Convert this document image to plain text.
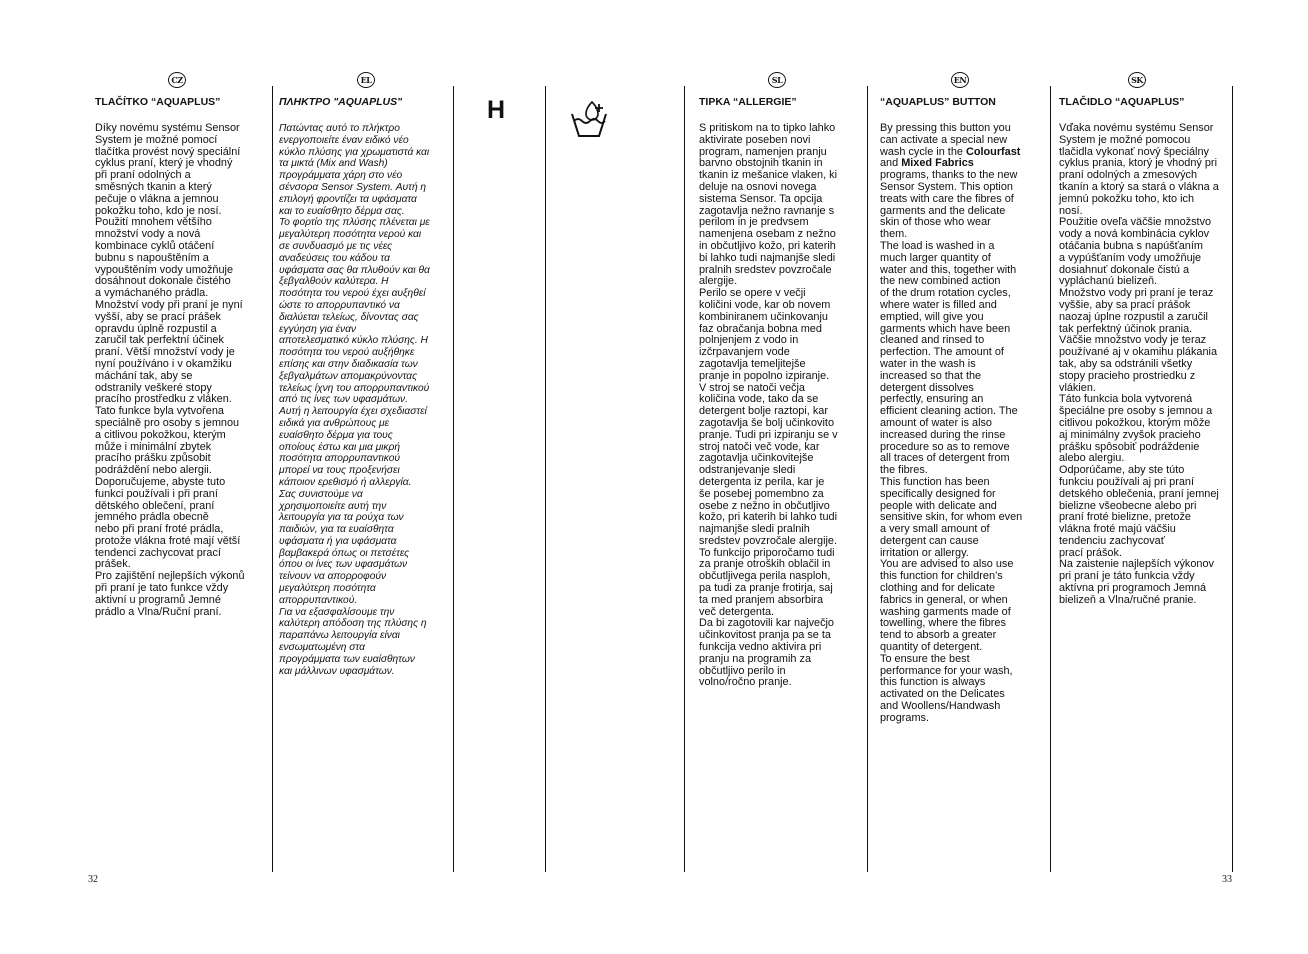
CZ
TLAČÍTKO “AQUAPLUS”

Díky novému systému Sensor
System je možné pomocí
tlačítka provést nový speciální
cyklus praní, který je vhodný
při praní odolných a
směsných tkanin a který
pečuje o vlákna a jemnou
pokožku toho, kdo je nosí.
Použití mnohem většího
množství vody a nová
kombinace cyklů otáčení
bubnu s napouštěním a
vypouštěním vody umožňuje
dosáhnout dokonale čistého
a vymáchaného prádla.
Množství vody při praní je nyní
vyšší, aby se prací prášek
opravdu úplně rozpustil a
zaručil tak perfektní účinek
praní. Větší množství vody je
nyní používáno i v okamžiku
máchání tak, aby se
odstranily veškeré stopy
pracího prostředku z vláken.
Tato funkce byla vytvořena
speciálně pro osoby s jemnou
a citlivou pokožkou, kterým
může i minimální zbytek
pracího prášku způsobit
podráždění nebo alergii.
Doporučujeme, abyste tuto
funkci používali i při praní
dětského oblečení, praní
jemného prádla obecně
nebo při praní froté prádla,
protože vlákna froté mají větší
tendenci zachycovat prací
prášek.
Pro zajištění nejlepších výkonů
při praní je tato funkce vždy
aktivní u programů Jemné
prádlo a Vlna/Ruční praní.

EL
ΠΛΗΚΤΡΟ "AQUAPLUS"

Πατώντας αυτό το πλήκτρο
ενεργοποιείτε έναν ειδικό νέο
κύκλο πλύσης για χρωματιστά και
τα μικτά (Mix and Wash)
προγράμματα χάρη στο νέο
σένσορα Sensor System. Αυτή η
επιλογή φροντίζει τα υφάσματα
και το ευαίσθητο δέρμα σας.
Το φορτίο της πλύσης πλένεται με
μεγαλύτερη ποσότητα νερού και
σε συνδυασμό με τις νέες
αναδεύσεις του κάδου τα
υφάσματα σας θα πλυθούν και θα
ξεβγαλθούν καλύτερα. Η
ποσότητα του νερού έχει αυξηθεί
ώστε το απορρυπαντικό να
διαλύεται τελείως, δίνοντας σας
εγγύηση για έναν
αποτελεσματικό κύκλο πλύσης. Η
ποσότητα του νερού αυξήθηκε
επίσης και στην διαδικασία των
ξεβγαλμάτων απομακρύνοντας
τελείως ίχνη του απορρυπαντικού
από τις ίνες των υφασμάτων.
Αυτή η λειτουργία έχει σχεδιαστεί
ειδικά για ανθρώπους με
ευαίσθητο δέρμα για τους
οποίους έστω και μια μικρή
ποσότητα απορρυπαντικού
μπορεί να τους προξενήσει
κάποιον ερεθισμό ή αλλεργία.
Σας συνιστούμε να
χρησιμοποιείτε αυτή την
λειτουργία για τα ρούχα των
παιδιών, για τα ευαίσθητα
υφάσματα ή για υφάσματα
βαμβακερά όπως οι πετσέτες
όπου οι ίνες των υφασμάτων
τείνουν να απορροφούν
μεγαλύτερη ποσότητα
απορρυπαντικού.
Για να εξασφαλίσουμε την
καλύτερη απόδοση της πλύσης η
παραπάνω λειτουργία είναι
ενσωματωμένη στα
προγράμματα των ευαίσθητων
και μάλλινων υφασμάτων.

H
SL
TIPKA “ALLERGIE”

S pritiskom na to tipko lahko
aktivirate poseben novi
program, namenjen pranju
barvno obstojnih tkanin in
tkanin iz mešanice vlaken, ki
deluje na osnovi novega
sistema Sensor. Ta opcija
zagotavlja nežno ravnanje s
perilom in je predvsem
namenjena osebam z nežno
in občutljivo kožo, pri katerih
bi lahko tudi najmanjše sledi
pralnih sredstev povzročale
alergije.
Perilo se opere v večji
količini vode, kar ob novem
kombiniranem učinkovanju
faz obračanja bobna med
polnjenjem z vodo in
izčrpavanjem vode
zagotavlja temeljitejše
pranje in popolno izpiranje.
V stroj se natoči večja
količina vode, tako da se
detergent bolje raztopi, kar
zagotavlja še bolj učinkovito
pranje. Tudi pri izpiranju se v
stroj natoči več vode, kar
zagotavlja učinkovitejše
odstranjevanje sledi
detergenta iz perila, kar je
še posebej pomembno za
osebe z nežno in občutljivo
kožo, pri katerih bi lahko tudi
najmanjše sledi pralnih
sredstev povzročale alergije.
To funkcijo priporočamo tudi
za pranje otroških oblačil in
občutljivega perila nasploh,
pa tudi za pranje frotirja, saj
ta med pranjem absorbira
več detergenta.
Da bi zagotovili kar največjo
učinkovitost pranja pa se ta
funkcija vedno aktivira pri
pranju na programih za
občutljivo perilo in
volno/ročno pranje.

EN
“AQUAPLUS” BUTTON

By pressing this button you
can activate a special new
wash cycle in the Colourfast
and Mixed Fabrics
programs, thanks to the new
Sensor System. This option
treats with care the fibres of
garments and the delicate
skin of those who wear
them.
The load is washed in a
much larger quantity of
water and this, together with
the new combined action
of the drum rotation cycles,
where water is filled and
emptied, will give you
garments which have been
cleaned and rinsed to
perfection. The amount of
water in the wash is
increased so that the
detergent dissolves
perfectly, ensuring an
efficient cleaning action. The
amount of water is also
increased during the rinse
procedure so as to remove
all traces of detergent from
the fibres.
This function has been
specifically designed for
people with delicate and
sensitive skin, for whom even
a very small amount of
detergent can cause
irritation or allergy.
You are advised to also use
this function for children’s
clothing and for delicate
fabrics in general, or when
washing garments made of
towelling, where the fibres
tend to absorb a greater
quantity of detergent.
To ensure the best
performance for your wash,
this function is always
activated on the Delicates
and Woollens/Handwash
programs.

SK
TLAČIDLO “AQUAPLUS”

Vďaka novému systému Sensor
System je možné pomocou
tlačidla vykonať nový špeciálny
cyklus prania, ktorý je vhodný pri
praní odolných a zmesových
tkanín a ktorý sa stará o vlákna a
jemnú pokožku toho, kto ich
nosí.
Použitie oveľa väčšie množstvo
vody a nová kombinácia cyklov
otáčania bubna s napúšťaním
a vypúšťaním vody umožňuje
dosiahnuť dokonale čistú a
vypláchanú bielizeň.
Množstvo vody pri praní je teraz
vyššie, aby sa prací prášok
naozaj úplne rozpustil a zaručil
tak perfektný účinok prania.
Väčšie množstvo vody je teraz
používané aj v okamihu plákania
tak, aby sa odstránili všetky
stopy pracieho prostriedku z
vlákien.
Táto funkcia bola vytvorená
špeciálne pre osoby s jemnou a
citlivou pokožkou, ktorým môže
aj minimálny zvyšok pracieho
prášku spôsobiť podráždenie
alebo alergiu.
Odporúčame, aby ste túto
funkciu používali aj pri praní
detského oblečenia, praní jemnej
bielizne všeobecne alebo pri
praní froté bielizne, pretože
vlákna froté majú väčšiu
tendenciu zachycovať
prací prášok.
Na zaistenie najlepších výkonov
pri praní je táto funkcia vždy
aktívna pri programoch Jemná
bielizeň a Vlna/ručné pranie.

32	33
